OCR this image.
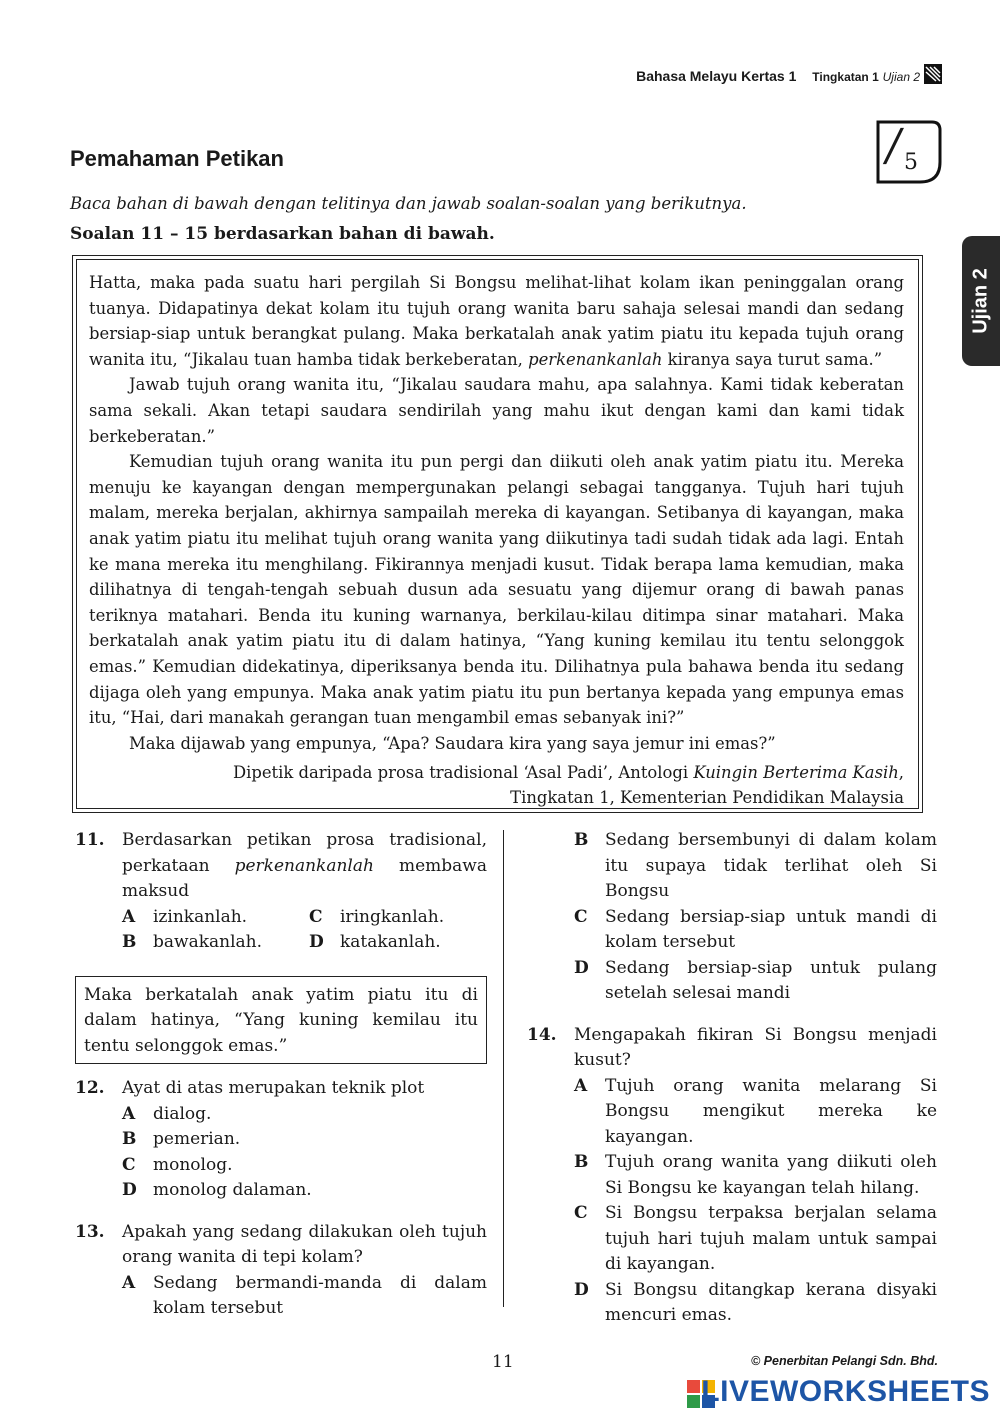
Bahasa Melayu Kertas 1 Tingkatan 1 Ujian 2
Pemahaman Petikan
Baca bahan di bawah dengan telitinya dan jawab soalan-soalan yang berikutnya.
Soalan 11 – 15 berdasarkan bahan di bawah.
/
5
Ujian 2

Hatta, maka pada suatu hari pergilah Si Bongsu melihat-lihat kolam ikan peninggalan orang tuanya. Didapatinya dekat kolam itu tujuh orang wanita baru sahaja selesai mandi dan sedang bersiap-siap untuk berangkat pulang. Maka berkatalah anak yatim piatu itu kepada tujuh orang wanita itu, “Jikalau tuan hamba tidak berkeberatan, perkenankanlah kiranya saya turut sama.”

Jawab tujuh orang wanita itu, “Jikalau saudara mahu, apa salahnya. Kami tidak keberatan sama sekali. Akan tetapi saudara sendirilah yang mahu ikut dengan kami dan kami tidak berkeberatan.”

Kemudian tujuh orang wanita itu pun pergi dan diikuti oleh anak yatim piatu itu. Mereka menuju ke kayangan dengan mempergunakan pelangi sebagai tangganya. Tujuh hari tujuh malam, mereka berjalan, akhirnya sampailah mereka di kayangan. Setibanya di kayangan, maka anak yatim piatu itu melihat tujuh orang wanita yang diikutinya tadi sudah tidak ada lagi. Entah ke mana mereka itu menghilang. Fikirannya menjadi kusut. Tidak berapa lama kemudian, maka dilihatnya di tengah-tengah sebuah dusun ada sesuatu yang dijemur orang di bawah panas teriknya matahari. Benda itu kuning warnanya, berkilau-kilau ditimpa sinar matahari. Maka berkatalah anak yatim piatu itu di dalam hatinya, “Yang kuning kemilau itu tentu selonggok emas.” Kemudian didekatinya, diperiksanya benda itu. Dilihatnya pula bahawa benda itu sedang dijaga oleh yang empunya. Maka anak yatim piatu itu pun bertanya kepada yang empunya emas itu, “Hai, dari manakah gerangan tuan mengambil emas sebanyak ini?”

Maka dijawab yang empunya, “Apa? Saudara kira yang saya jemur ini emas?”

Dipetik daripada prosa tradisional ‘Asal Padi’, Antologi Kuingin Berterima Kasih,
Tingkatan 1, Kementerian Pendidikan Malaysia
11.	Berdasarkan petikan prosa tradisional, perkataan perkenankanlah membawa maksud
A	izinkanlah.	C	iringkanlah.
B bawakanlah.	D katakanlah.
Maka berkatalah anak yatim piatu itu di dalam hatinya, “Yang kuning kemilau itu tentu selonggok emas.”
12.	Ayat di atas merupakan teknik plot
A	dialog.
B pemerian.
C	monolog.
D monolog dalaman.
13.	Apakah yang sedang dilakukan oleh tujuh orang wanita di tepi kolam?
A	Sedang bermandi-manda di dalam kolam tersebut
B Sedang bersembunyi di dalam kolam itu supaya tidak terlihat oleh Si Bongsu
C	Sedang bersiap-siap untuk mandi di kolam tersebut
D Sedang bersiap-siap untuk pulang setelah selesai mandi
14.	Mengapakah fikiran Si Bongsu menjadi kusut?
A	Tujuh orang wanita melarang Si Bongsu mengikut mereka ke kayangan.
B Tujuh orang wanita yang diikuti oleh Si Bongsu ke kayangan telah hilang.
C	Si Bongsu terpaksa berjalan selama tujuh hari tujuh malam untuk sampai di kayangan.
D Si Bongsu ditangkap kerana disyaki mencuri emas.
11	© Penerbitan Pelangi Sdn. Bhd.
LIVEWORKSHEETS
